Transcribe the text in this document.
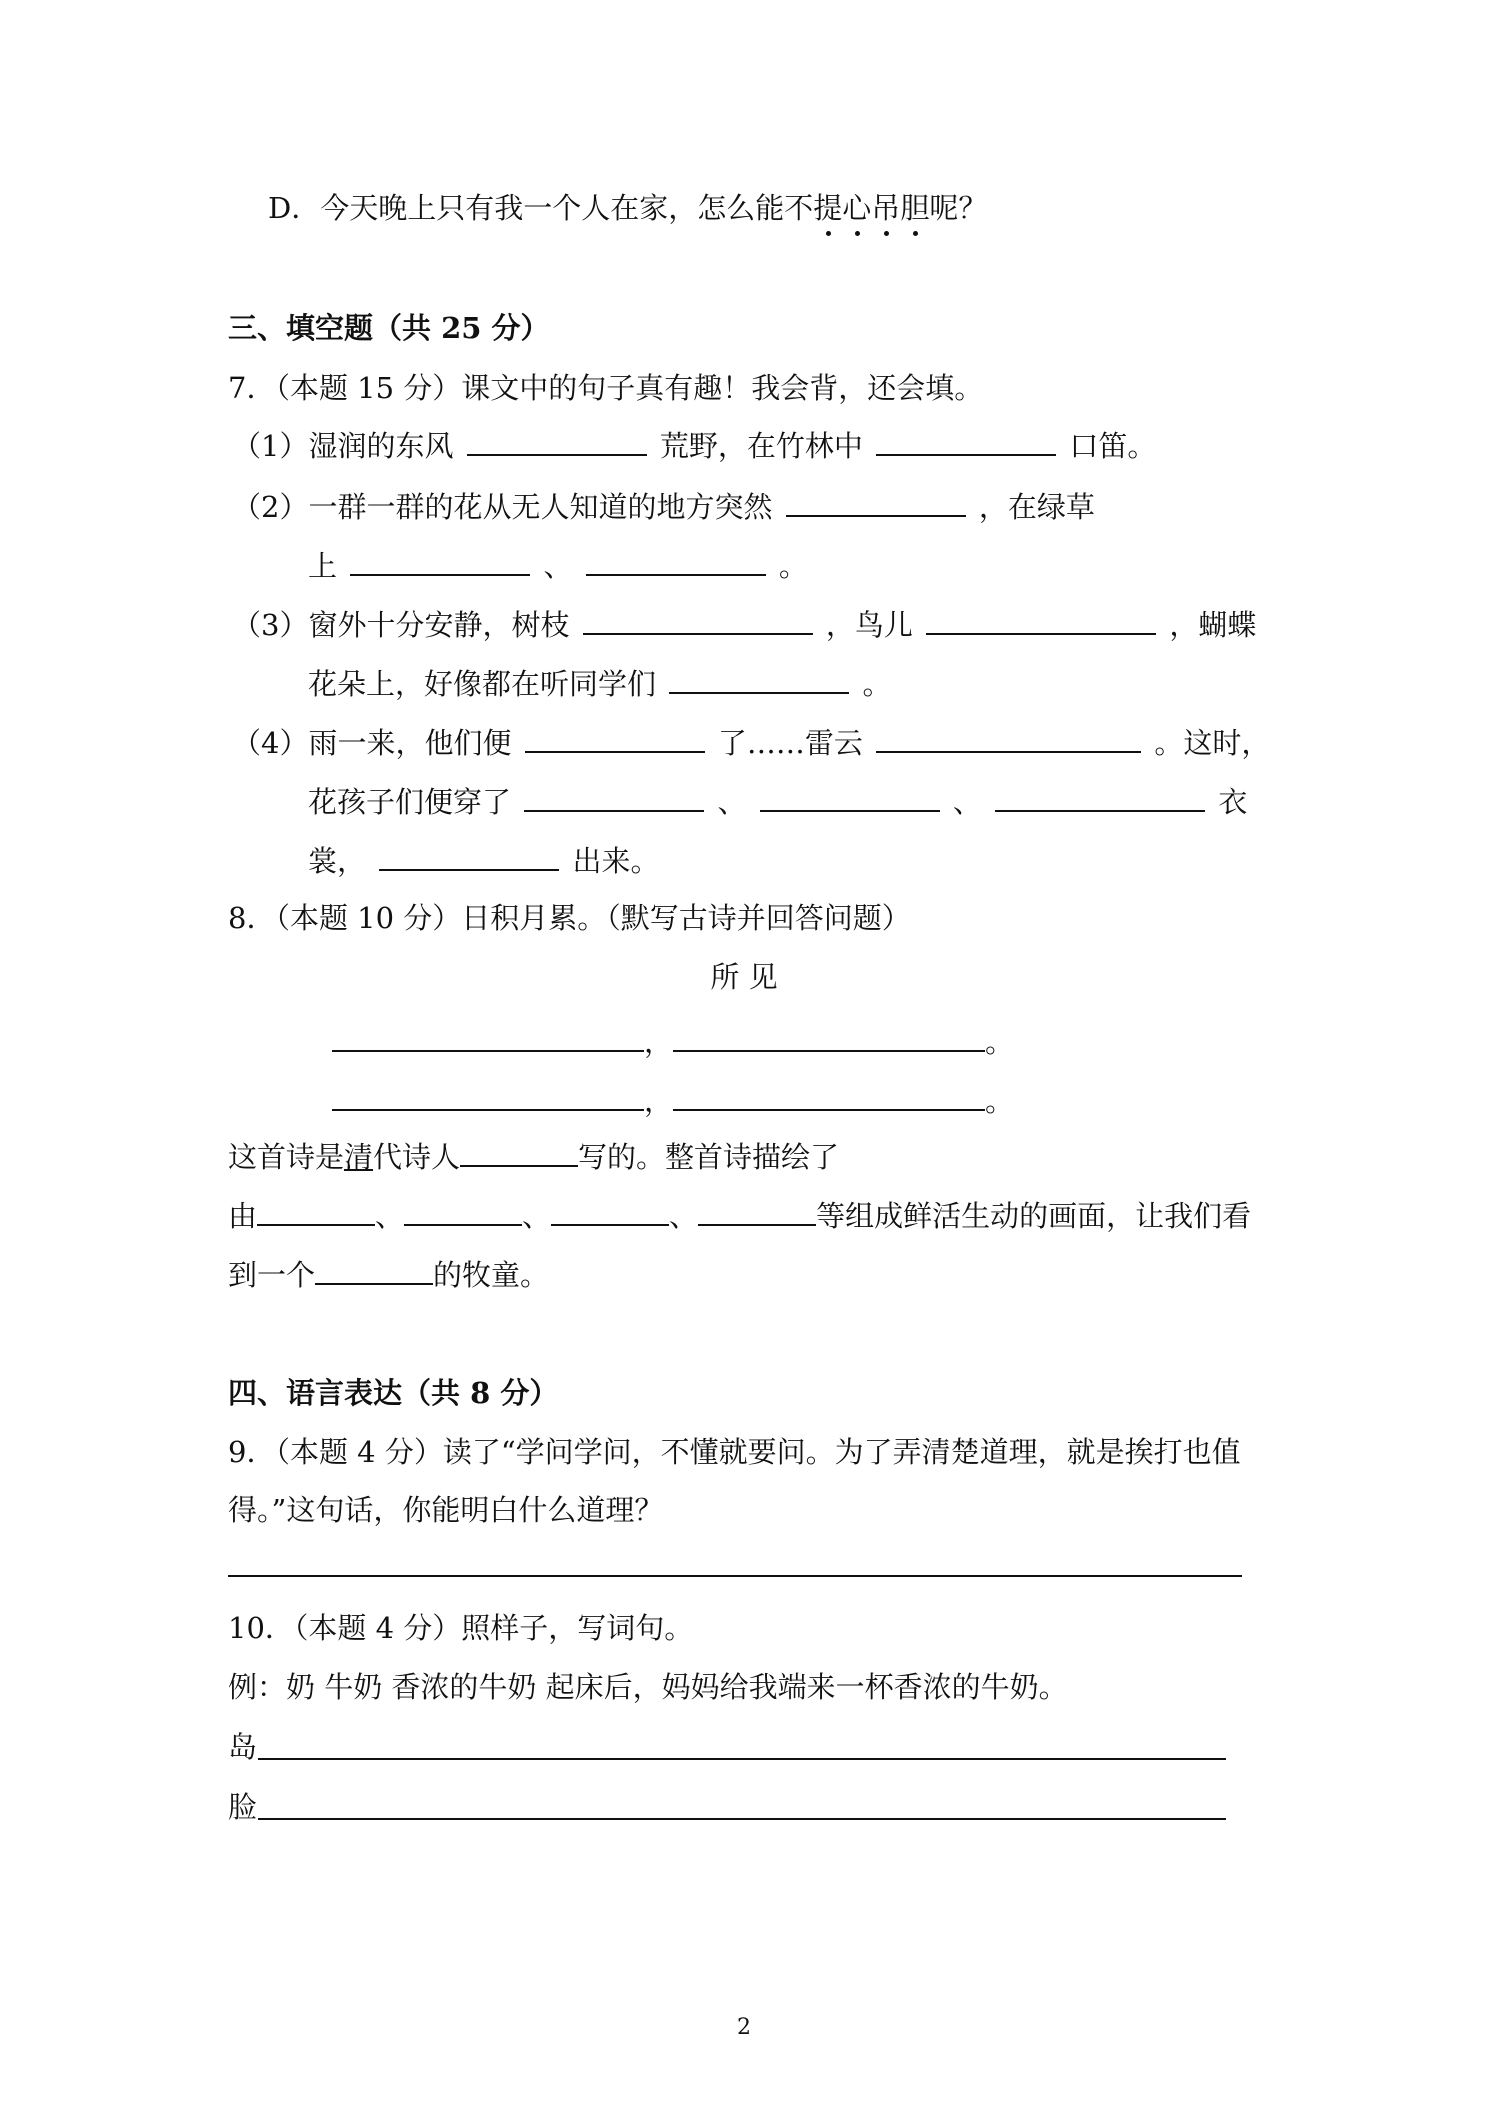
D．今天晚上只有我一个人在家，怎么能不提心吊胆呢？
三、填空题（共 25 分）
7．（本题 15 分）课文中的句子真有趣！我会背，还会填。
（1）湿润的东风	荒野，在竹林中	口笛。
（2）一群一群的花从无人知道的地方突然	，在绿草
上	、	。
（3）窗外十分安静，树枝	，鸟儿	，蝴蝶
花朵上，好像都在听同学们	。
（4）雨一来，他们便	了……雷云	。这时，
花孩子们便穿了	、	、	衣
裳，	出来。
8．（本题 10 分）日积月累。（默写古诗并回答问题）
所 见
，	。
，	。
这首诗是清代诗人	写的。整首诗描绘了
由	、	、	、	等组成鲜活生动的画面，让我们看
到一个	的牧童。
四、语言表达（共 8 分）
9．（本题 4 分）读了“学问学问，不懂就要问。为了弄清楚道理，就是挨打也值
得。”这句话，你能明白什么道理？
10．（本题 4 分）照样子，写词句。
例：奶 牛奶 香浓的牛奶 起床后，妈妈给我端来一杯香浓的牛奶。
岛
脸
2
